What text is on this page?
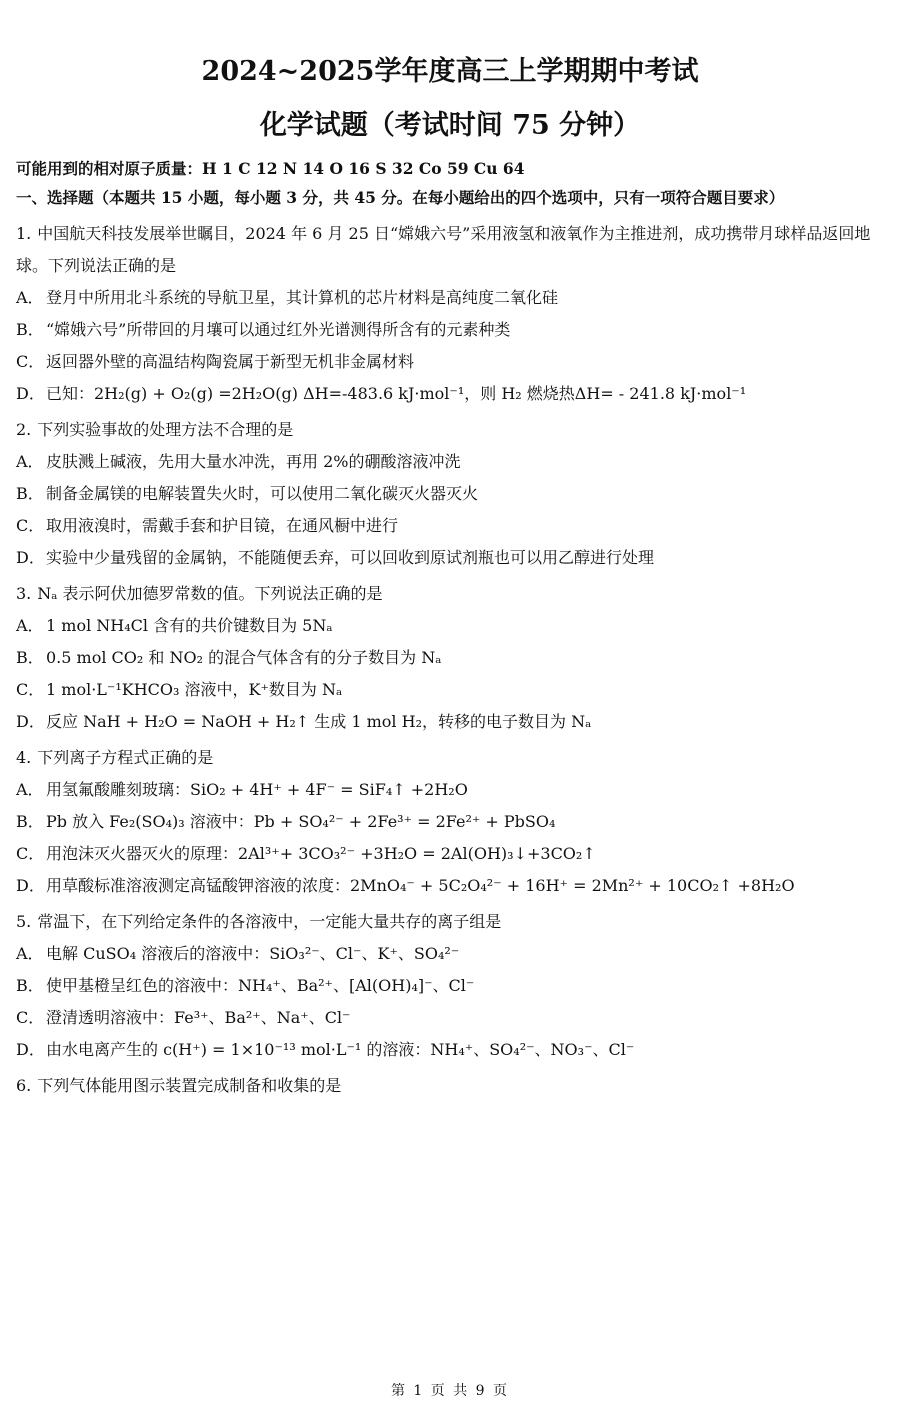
2024~2025学年度高三上学期期中考试
化学试题（考试时间 75 分钟）
可能用到的相对原子质量：H 1 C 12 N 14 O 16 S 32 Co 59 Cu 64
一、选择题（本题共 15 小题，每小题 3 分，共 45 分。在每小题给出的四个选项中，只有一项符合题目要求）
1. 中国航天科技发展举世瞩目，2024 年 6 月 25 日“嫦娥六号”采用液氢和液氧作为主推进剂，成功携带月球样品返回地球。下列说法正确的是
A． 登月中所用北斗系统的导航卫星，其计算机的芯片材料是高纯度二氧化硅
B． “嫦娥六号”所带回的月壤可以通过红外光谱测得所含有的元素种类
C． 返回器外壁的高温结构陶瓷属于新型无机非金属材料
D．已知：2H₂(g) + O₂(g) =2H₂O(g) ΔH=-483.6 kJ·mol⁻¹，则 H₂ 燃烧热ΔH= - 241.8 kJ·mol⁻¹
2. 下列实验事故的处理方法不合理的是
A． 皮肤溅上碱液，先用大量水冲洗，再用 2%的硼酸溶液冲洗
B． 制备金属镁的电解装置失火时，可以使用二氧化碳灭火器灭火
C． 取用液溴时，需戴手套和护目镜，在通风橱中进行
D．实验中少量残留的金属钠，不能随便丢弃，可以回收到原试剂瓶也可以用乙醇进行处理
3. Nₐ 表示阿伏加德罗常数的值。下列说法正确的是
A． 1 mol NH₄Cl 含有的共价键数目为 5Nₐ
B． 0.5 mol CO₂ 和 NO₂ 的混合气体含有的分子数目为 Nₐ
C． 1 mol·L⁻¹KHCO₃ 溶液中，K⁺数目为 Nₐ
D．反应 NaH + H₂O = NaOH + H₂↑ 生成 1 mol H₂，转移的电子数目为 Nₐ
4. 下列离子方程式正确的是
A． 用氢氟酸雕刻玻璃：SiO₂ + 4H⁺ + 4F⁻ = SiF₄↑ +2H₂O
B． Pb 放入 Fe₂(SO₄)₃ 溶液中：Pb + SO₄²⁻ + 2Fe³⁺ = 2Fe²⁺ + PbSO₄
C． 用泡沫灭火器灭火的原理：2Al³⁺+ 3CO₃²⁻ +3H₂O = 2Al(OH)₃↓+3CO₂↑
D．用草酸标准溶液测定高锰酸钾溶液的浓度：2MnO₄⁻ + 5C₂O₄²⁻ + 16H⁺ = 2Mn²⁺ + 10CO₂↑ +8H₂O
5. 常温下，在下列给定条件的各溶液中，一定能大量共存的离子组是
A． 电解 CuSO₄ 溶液后的溶液中：SiO₃²⁻、Cl⁻、K⁺、SO₄²⁻
B． 使甲基橙呈红色的溶液中：NH₄⁺、Ba²⁺、[Al(OH)₄]⁻、Cl⁻
C． 澄清透明溶液中：Fe³⁺、Ba²⁺、Na⁺、Cl⁻
D．由水电离产生的 c(H⁺) = 1×10⁻¹³ mol·L⁻¹ 的溶液：NH₄⁺、SO₄²⁻、NO₃⁻、Cl⁻
6. 下列气体能用图示装置完成制备和收集的是
第 1 页 共 9 页
